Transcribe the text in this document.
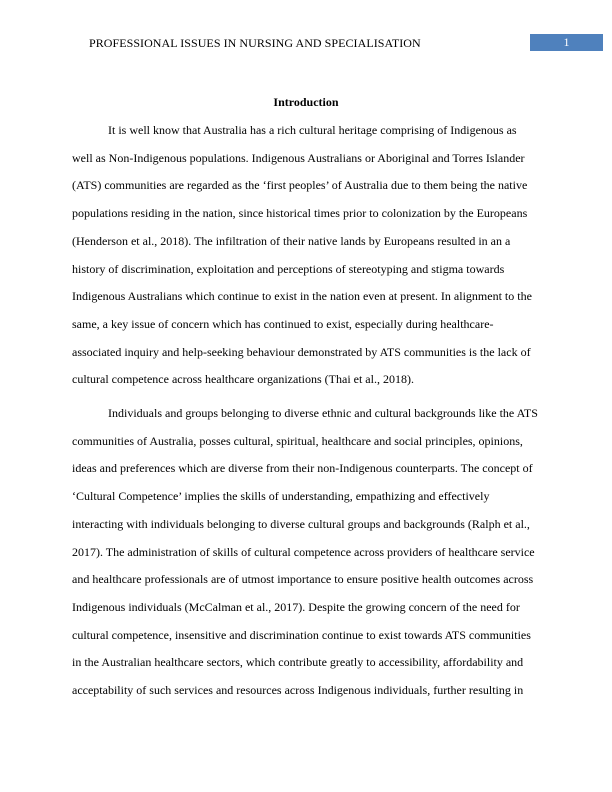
PROFESSIONAL ISSUES IN NURSING AND SPECIALISATION	1
Introduction

It is well know that Australia has a rich cultural heritage comprising of Indigenous as well as Non-Indigenous populations. Indigenous Australians or Aboriginal and Torres Islander (ATS) communities are regarded as the ‘first peoples’ of Australia due to them being the native populations residing in the nation, since historical times prior to colonization by the Europeans (Henderson et al., 2018). The infiltration of their native lands by Europeans resulted in an a history of discrimination, exploitation and perceptions of stereotyping and stigma towards Indigenous Australians which continue to exist in the nation even at present. In alignment to the same, a key issue of concern which has continued to exist, especially during healthcare-associated inquiry and help-seeking behaviour demonstrated by ATS communities is the lack of cultural competence across healthcare organizations (Thai et al., 2018).

Individuals and groups belonging to diverse ethnic and cultural backgrounds like the ATS communities of Australia, posses cultural, spiritual, healthcare and social principles, opinions, ideas and preferences which are diverse from their non-Indigenous counterparts. The concept of ‘Cultural Competence’ implies the skills of understanding, empathizing and effectively interacting with individuals belonging to diverse cultural groups and backgrounds (Ralph et al., 2017). The administration of skills of cultural competence across providers of healthcare service and healthcare professionals are of utmost importance to ensure positive health outcomes across Indigenous individuals (McCalman et al., 2017). Despite the growing concern of the need for cultural competence, insensitive and discrimination continue to exist towards ATS communities in the Australian healthcare sectors, which contribute greatly to accessibility, affordability and acceptability of such services and resources across Indigenous individuals, further resulting in
